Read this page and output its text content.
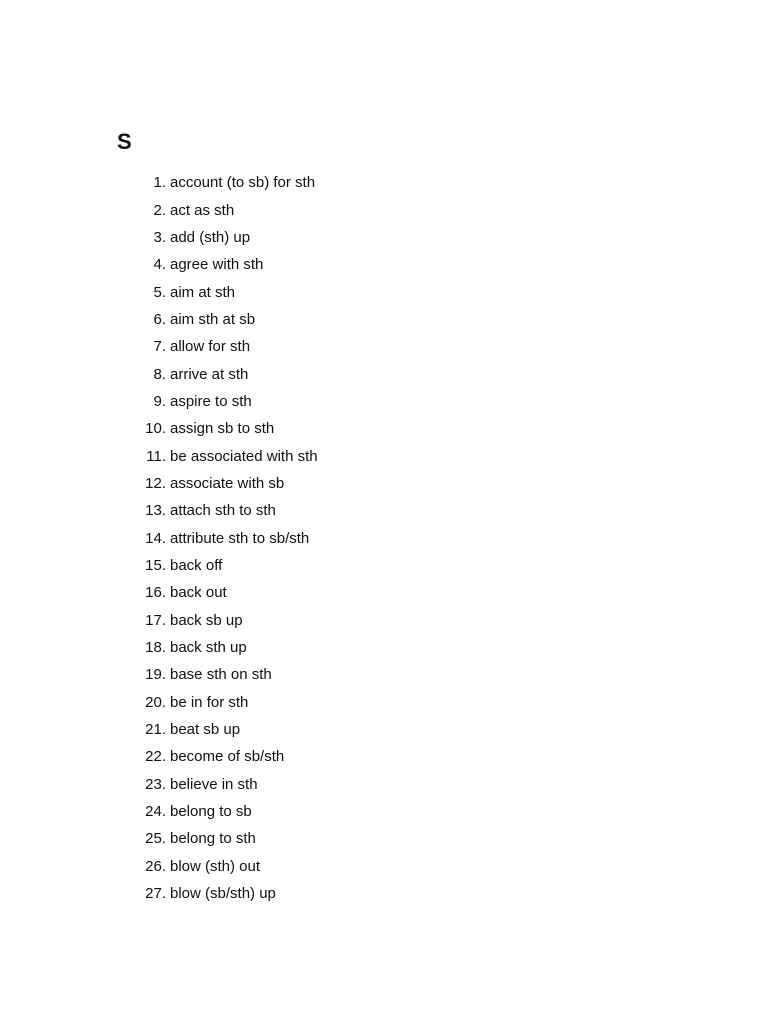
S
1. account (to sb) for sth
2. act as sth
3. add (sth) up
4. agree with sth
5. aim at sth
6. aim sth at sb
7. allow for sth
8. arrive at sth
9. aspire to sth
10. assign sb to sth
11. be associated with sth
12. associate with sb
13. attach sth to sth
14. attribute sth to sb/sth
15. back off
16. back out
17. back sb up
18. back sth up
19. base sth on sth
20. be in for sth
21. beat sb up
22. become of sb/sth
23. believe in sth
24. belong to sb
25. belong to sth
26. blow (sth) out
27. blow (sb/sth) up
